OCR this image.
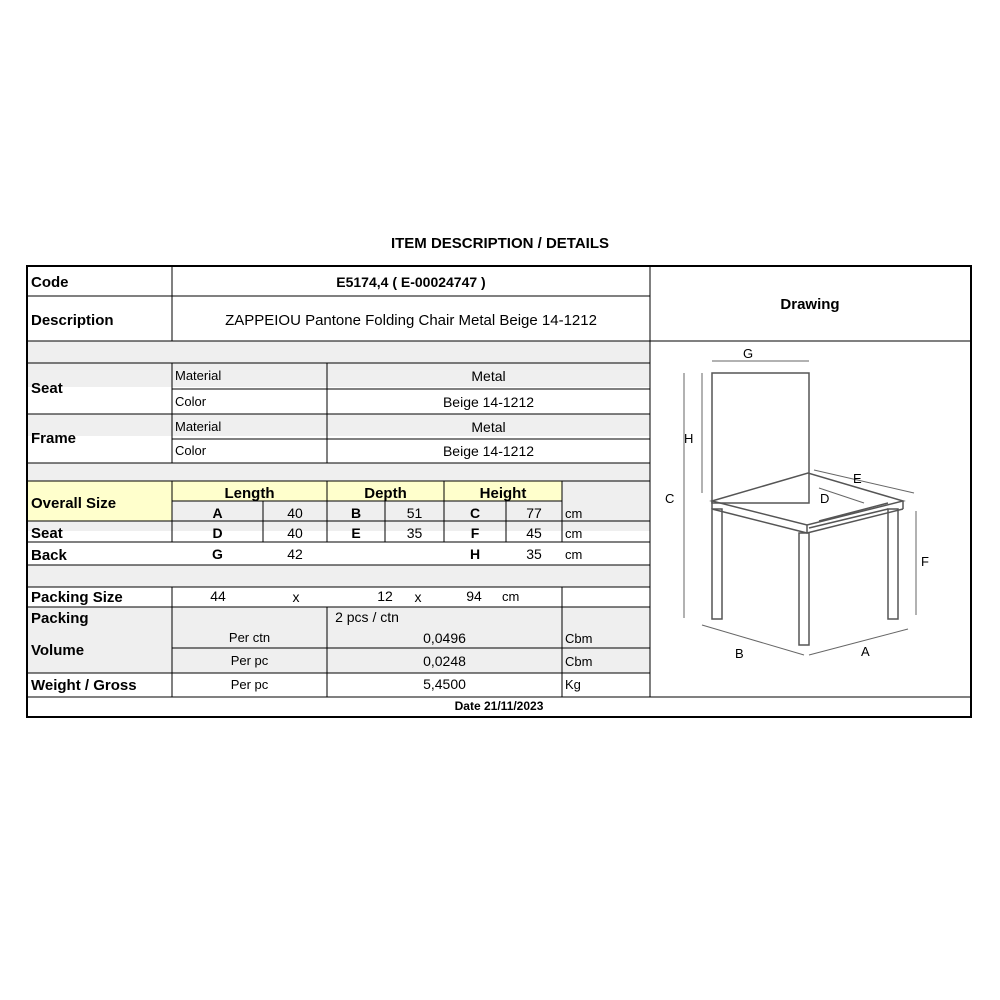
ITEM DESCRIPTION / DETAILS
Drawing
G
H
C
E
D
F
B	A
Code	E5174,4 ( E-00024747 )
Description	ZAPPEIOU Pantone Folding Chair Metal Beige 14-1212
Seat
Material	Metal
Color	Beige 14-1212
Frame
Material	Metal
Color	Beige 14-1212
Overall Size
Length	Depth	Height
A	40	B	51	C	77	cm
Seat	D	40	E	35	F	45	cm
Back	G	42	H	35	cm
Packing Size	44	x	12	x	94	cm
Packing	2 pcs / ctn
Volume
Per ctn	0,0496	Cbm
Per pc	0,0248	Cbm
Weight / Gross	Per pc	5,4500	Kg
Date 21/11/2023
